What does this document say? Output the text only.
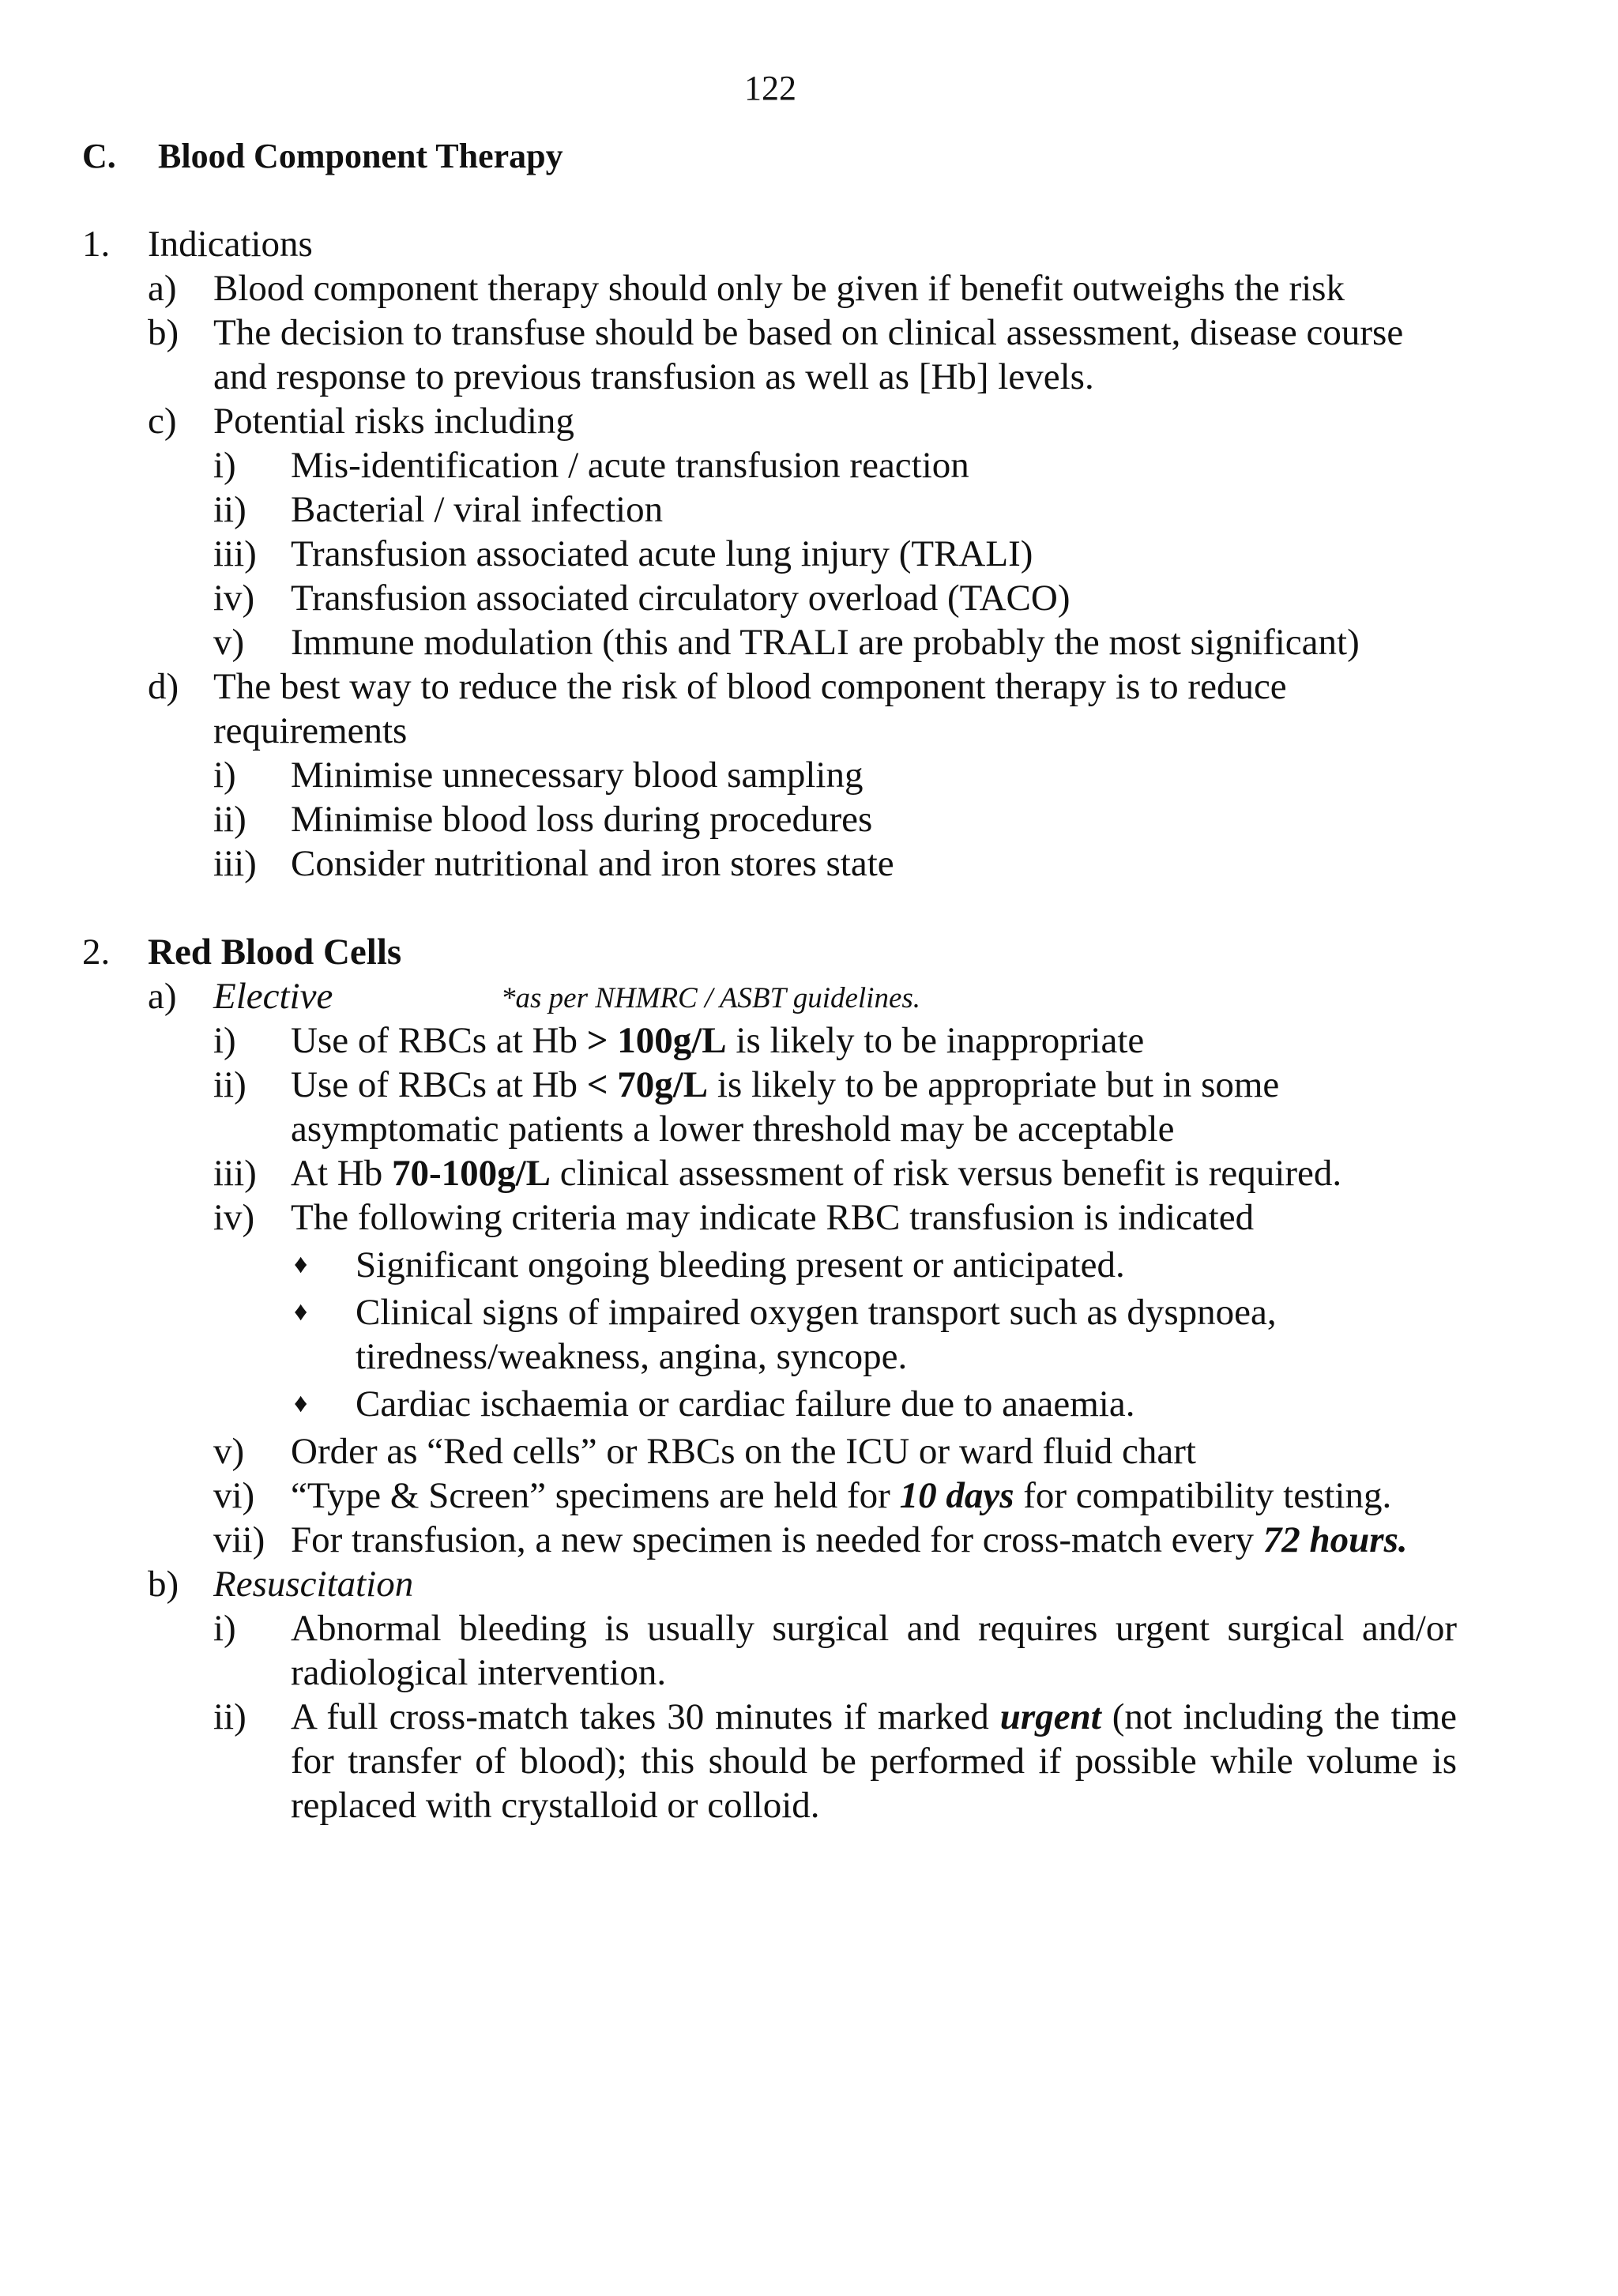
122
C. Blood Component Therapy
1. Indications
a) Blood component therapy should only be given if benefit outweighs the risk
b) The decision to transfuse should be based on clinical assessment, disease course
and response to previous transfusion as well as [Hb] levels.
c) Potential risks including
i) Mis-identification / acute transfusion reaction
ii) Bacterial / viral infection
iii) Transfusion associated acute lung injury (TRALI)
iv) Transfusion associated circulatory overload (TACO)
v) Immune modulation (this and TRALI are probably the most significant)
d) The best way to reduce the risk of blood component therapy is to reduce
requirements
i) Minimise unnecessary blood sampling
ii) Minimise blood loss during procedures
iii) Consider nutritional and iron stores state
2. Red Blood Cells
a) Elective	*as per NHMRC / ASBT guidelines.
i) Use of RBCs at Hb > 100g/L is likely to be inappropriate
ii) Use of RBCs at Hb < 70g/L is likely to be appropriate but in some
asymptomatic patients a lower threshold may be acceptable
iii) At Hb 70-100g/L clinical assessment of risk versus benefit is required.
iv) The following criteria may indicate RBC transfusion is indicated
♦ Significant ongoing bleeding present or anticipated.
♦ Clinical signs of impaired oxygen transport such as dyspnoea,
tiredness/weakness, angina, syncope.
♦ Cardiac ischaemia or cardiac failure due to anaemia.
v) Order as “Red cells” or RBCs on the ICU or ward fluid chart
vi) “Type & Screen” specimens are held for 10 days for compatibility testing.
vii) For transfusion, a new specimen is needed for cross-match every 72 hours.
b) Resuscitation
i) Abnormal bleeding is usually surgical and requires urgent surgical and/or radiological intervention.
ii) A full cross-match takes 30 minutes if marked urgent (not including the time for transfer of blood); this should be performed if possible while volume is replaced with crystalloid or colloid.
